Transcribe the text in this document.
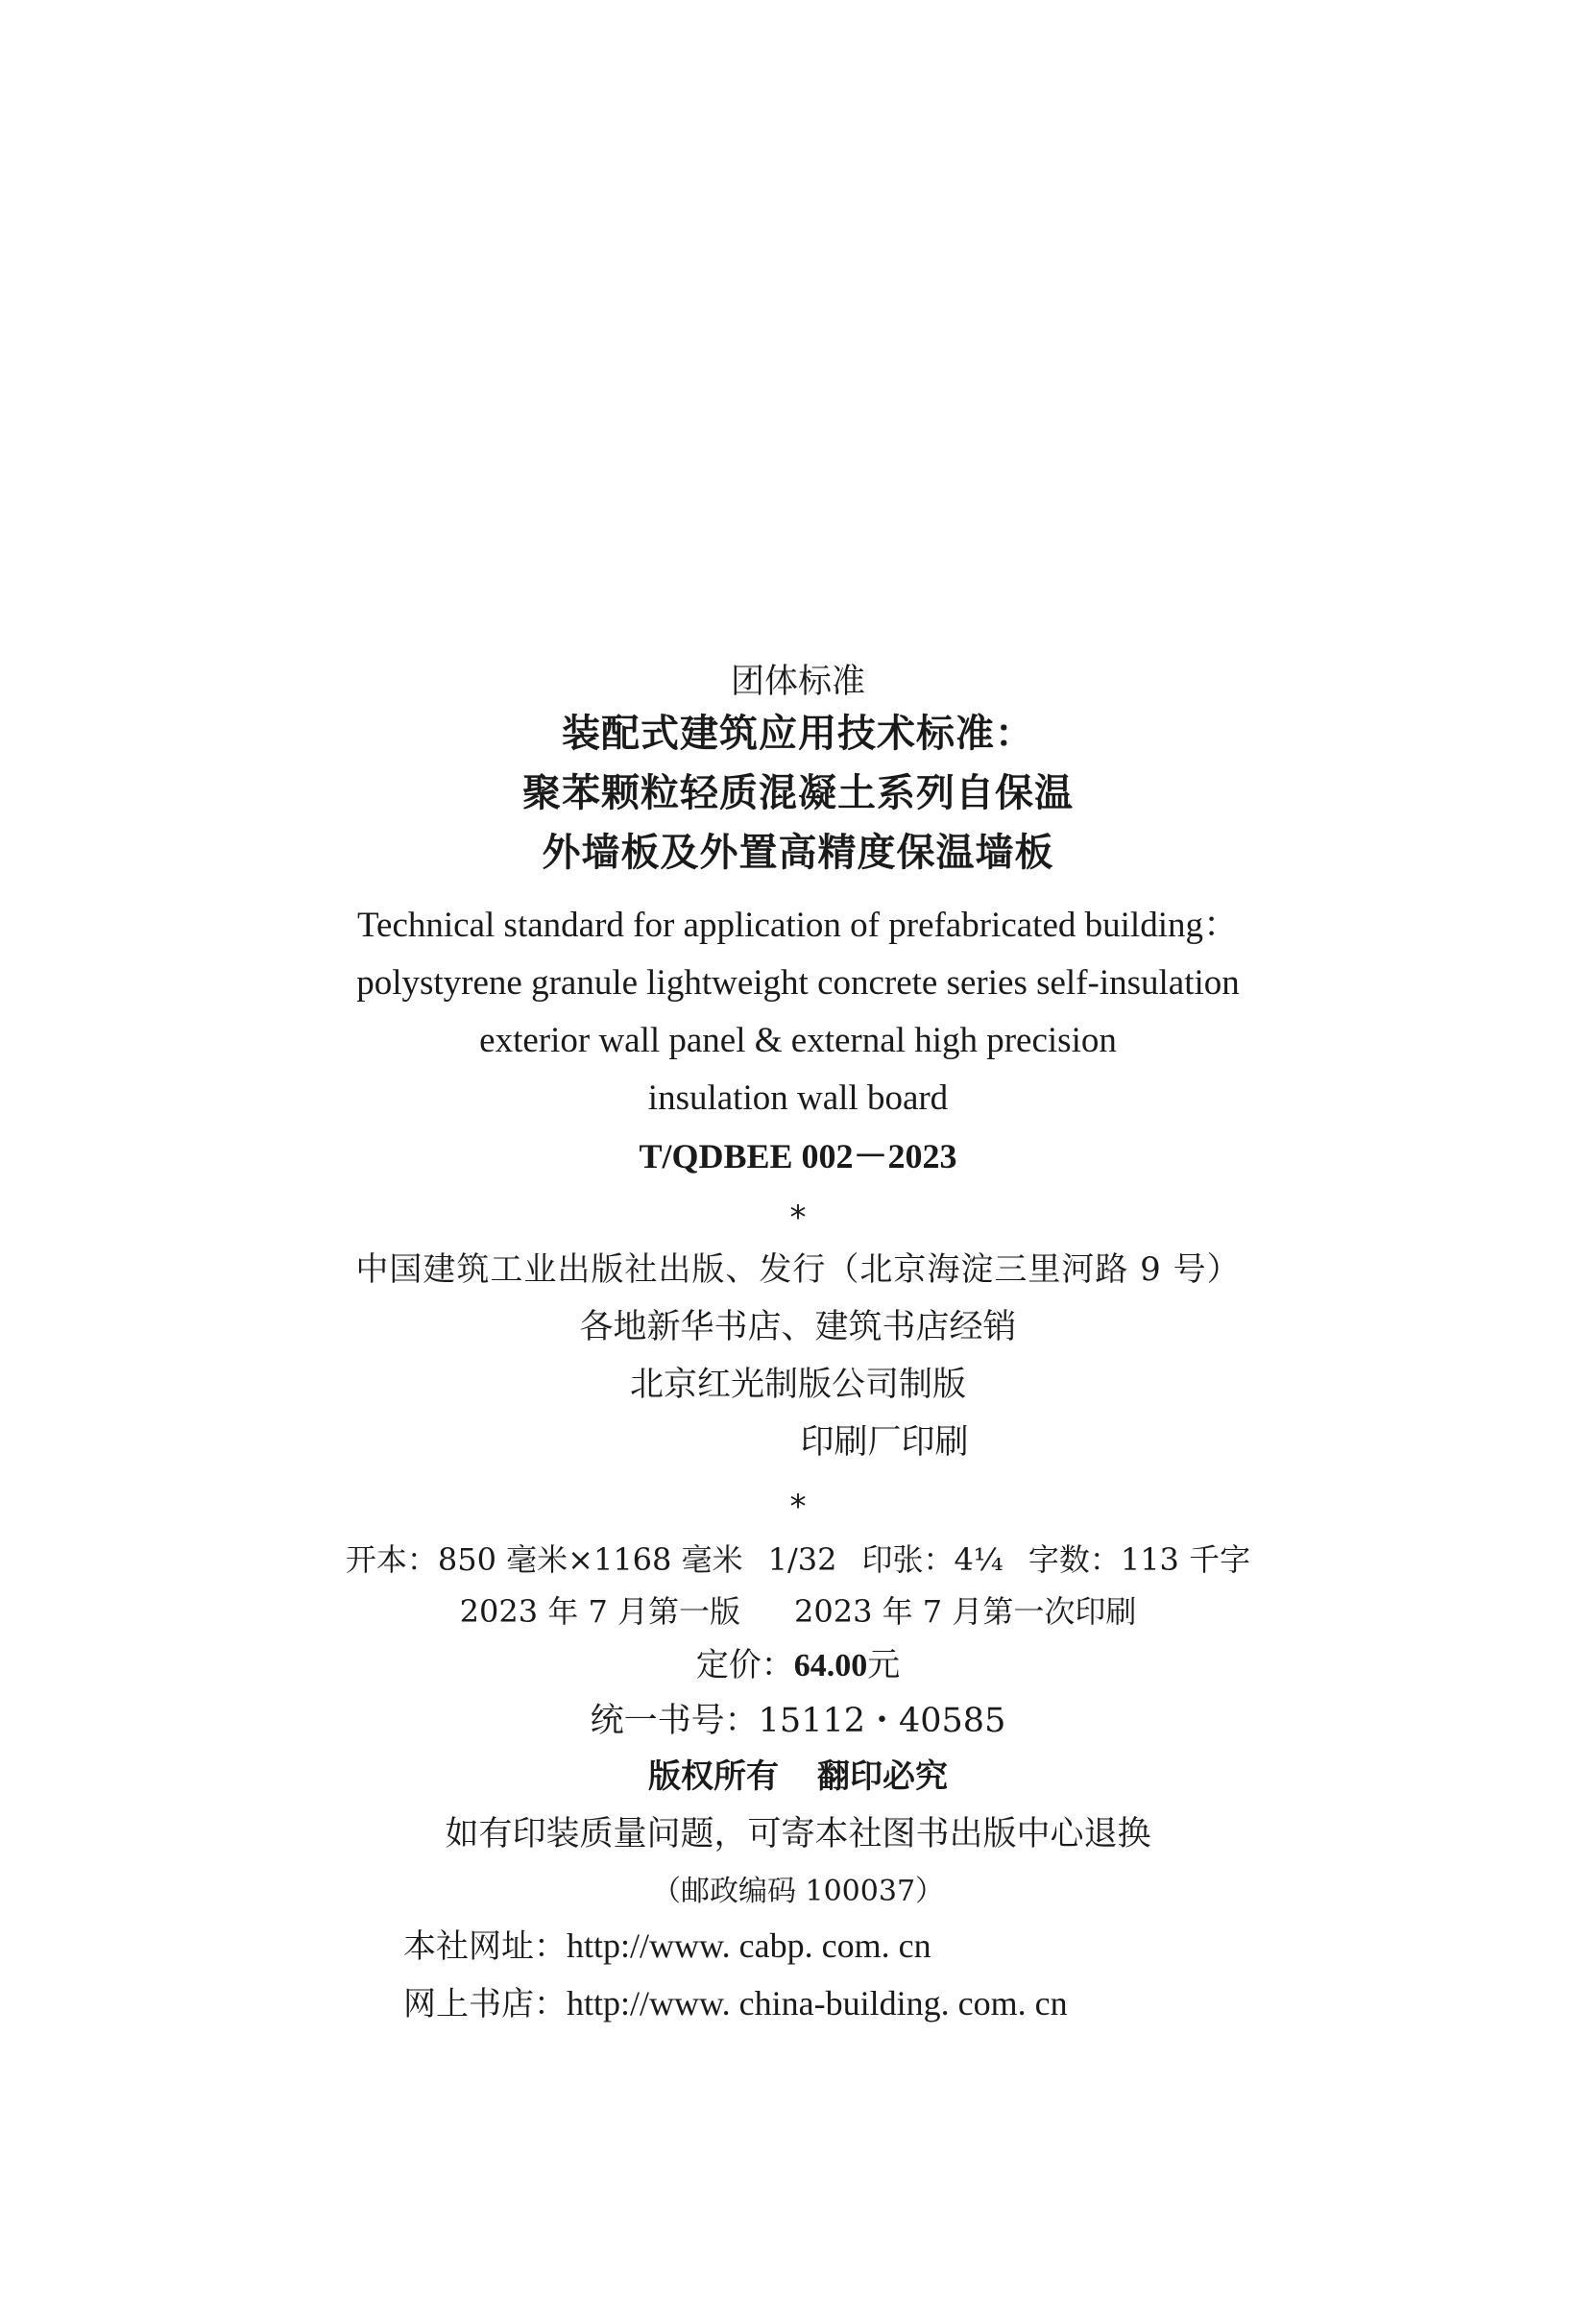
团体标准
装配式建筑应用技术标准：
聚苯颗粒轻质混凝土系列自保温
外墙板及外置高精度保温墙板
Technical standard for application of prefabricated building：
polystyrene granule lightweight concrete series self-insulation
exterior wall panel & external high precision
insulation wall board
T/QDBEE 002－2023
*
中国建筑工业出版社出版、发行（北京海淀三里河路 9 号）
各地新华书店、建筑书店经销
北京红光制版公司制版
印刷厂印刷
*
开本：850 毫米×1168 毫米 1/32 印张：4¼ 字数：113 千字
2023 年 7 月第一版 2023 年 7 月第一次印刷
定价：64.00元
统一书号：15112・40585
版权所有 翻印必究
如有印装质量问题，可寄本社图书出版中心退换
（邮政编码 100037）
本社网址：http://www. cabp. com. cn
网上书店：http://www. china-building. com. cn
